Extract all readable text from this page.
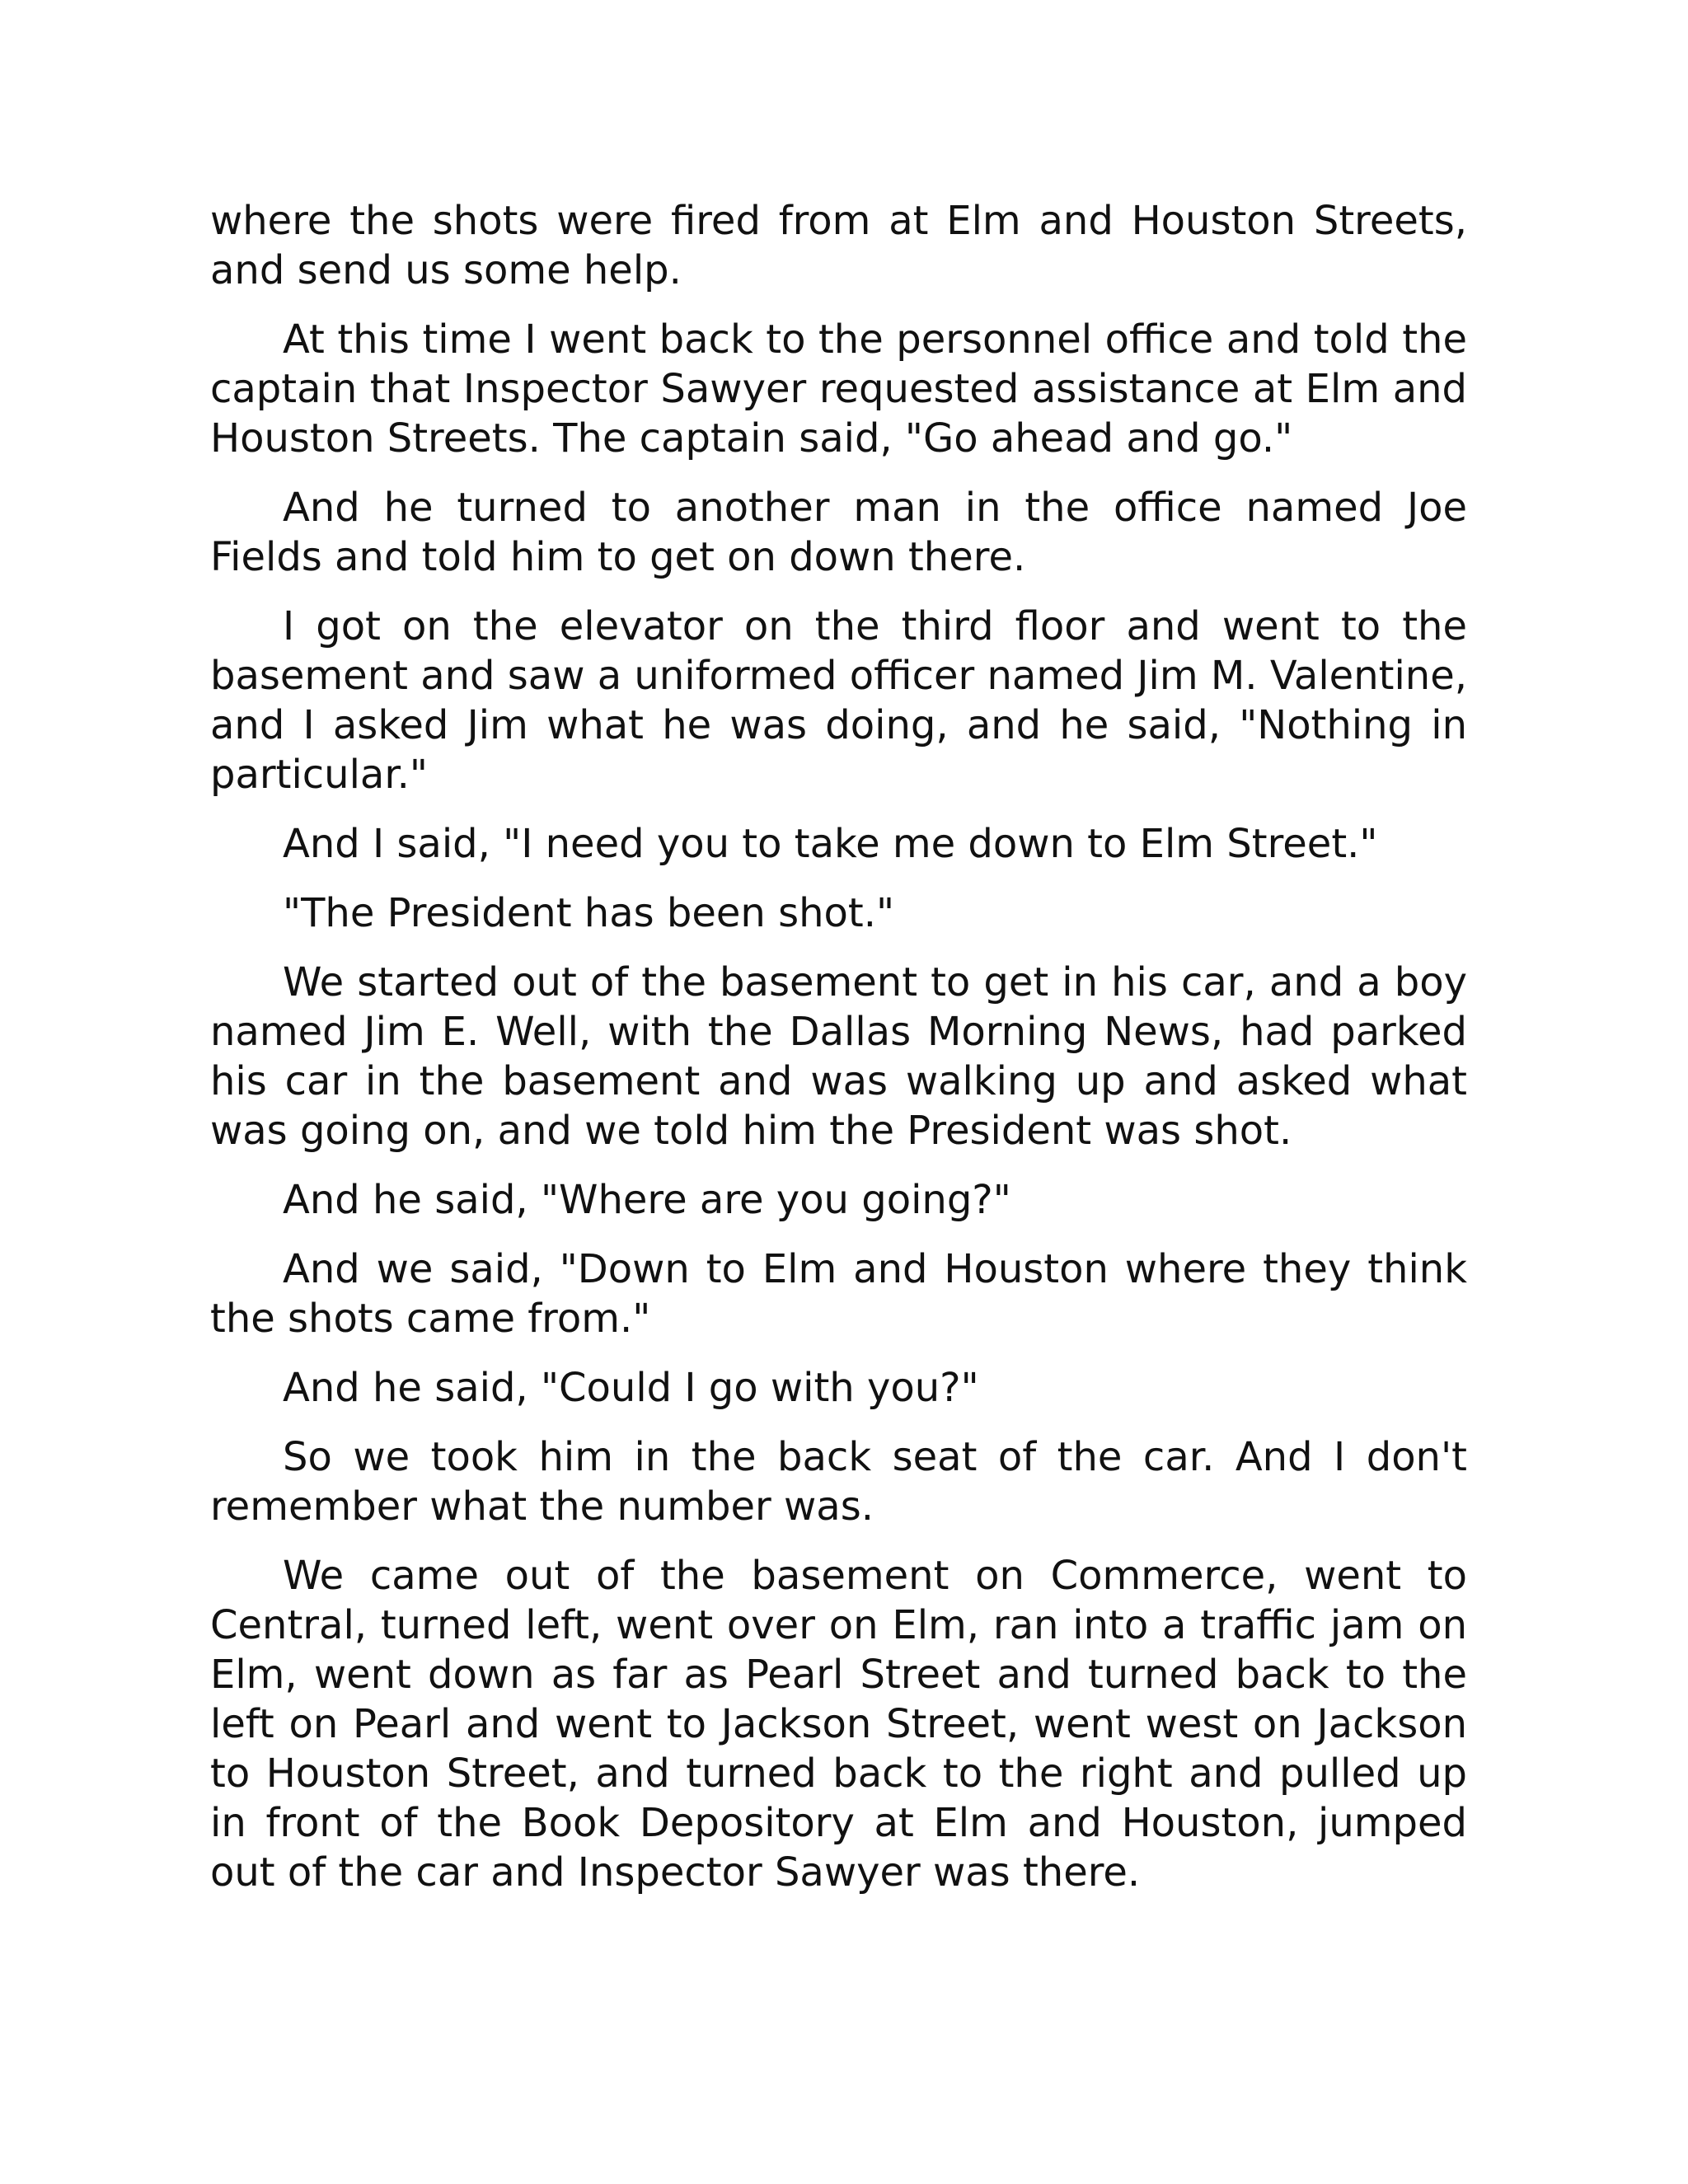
where the shots were fired from at Elm and Houston Streets, and send us some help.

At this time I went back to the personnel office and told the captain that Inspector Sawyer requested assistance at Elm and Houston Streets. The captain said, "Go ahead and go."

And he turned to another man in the office named Joe Fields and told him to get on down there.

I got on the elevator on the third floor and went to the basement and saw a uniformed officer named Jim M. Valentine, and I asked Jim what he was doing, and he said, "Nothing in particular."

And I said, "I need you to take me down to Elm Street."

"The President has been shot."

We started out of the basement to get in his car, and a boy named Jim E. Well, with the Dallas Morning News, had parked his car in the basement and was walking up and asked what was going on, and we told him the President was shot.

And he said, "Where are you going?"

And we said, "Down to Elm and Houston where they think the shots came from."

And he said, "Could I go with you?"

So we took him in the back seat of the car. And I don't remember what the number was.

We came out of the basement on Commerce, went to Central, turned left, went over on Elm, ran into a traffic jam on Elm, went down as far as Pearl Street and turned back to the left on Pearl and went to Jackson Street, went west on Jackson to Houston Street, and turned back to the right and pulled up in front of the Book Depository at Elm and Houston, jumped out of the car and Inspector Sawyer was there.
